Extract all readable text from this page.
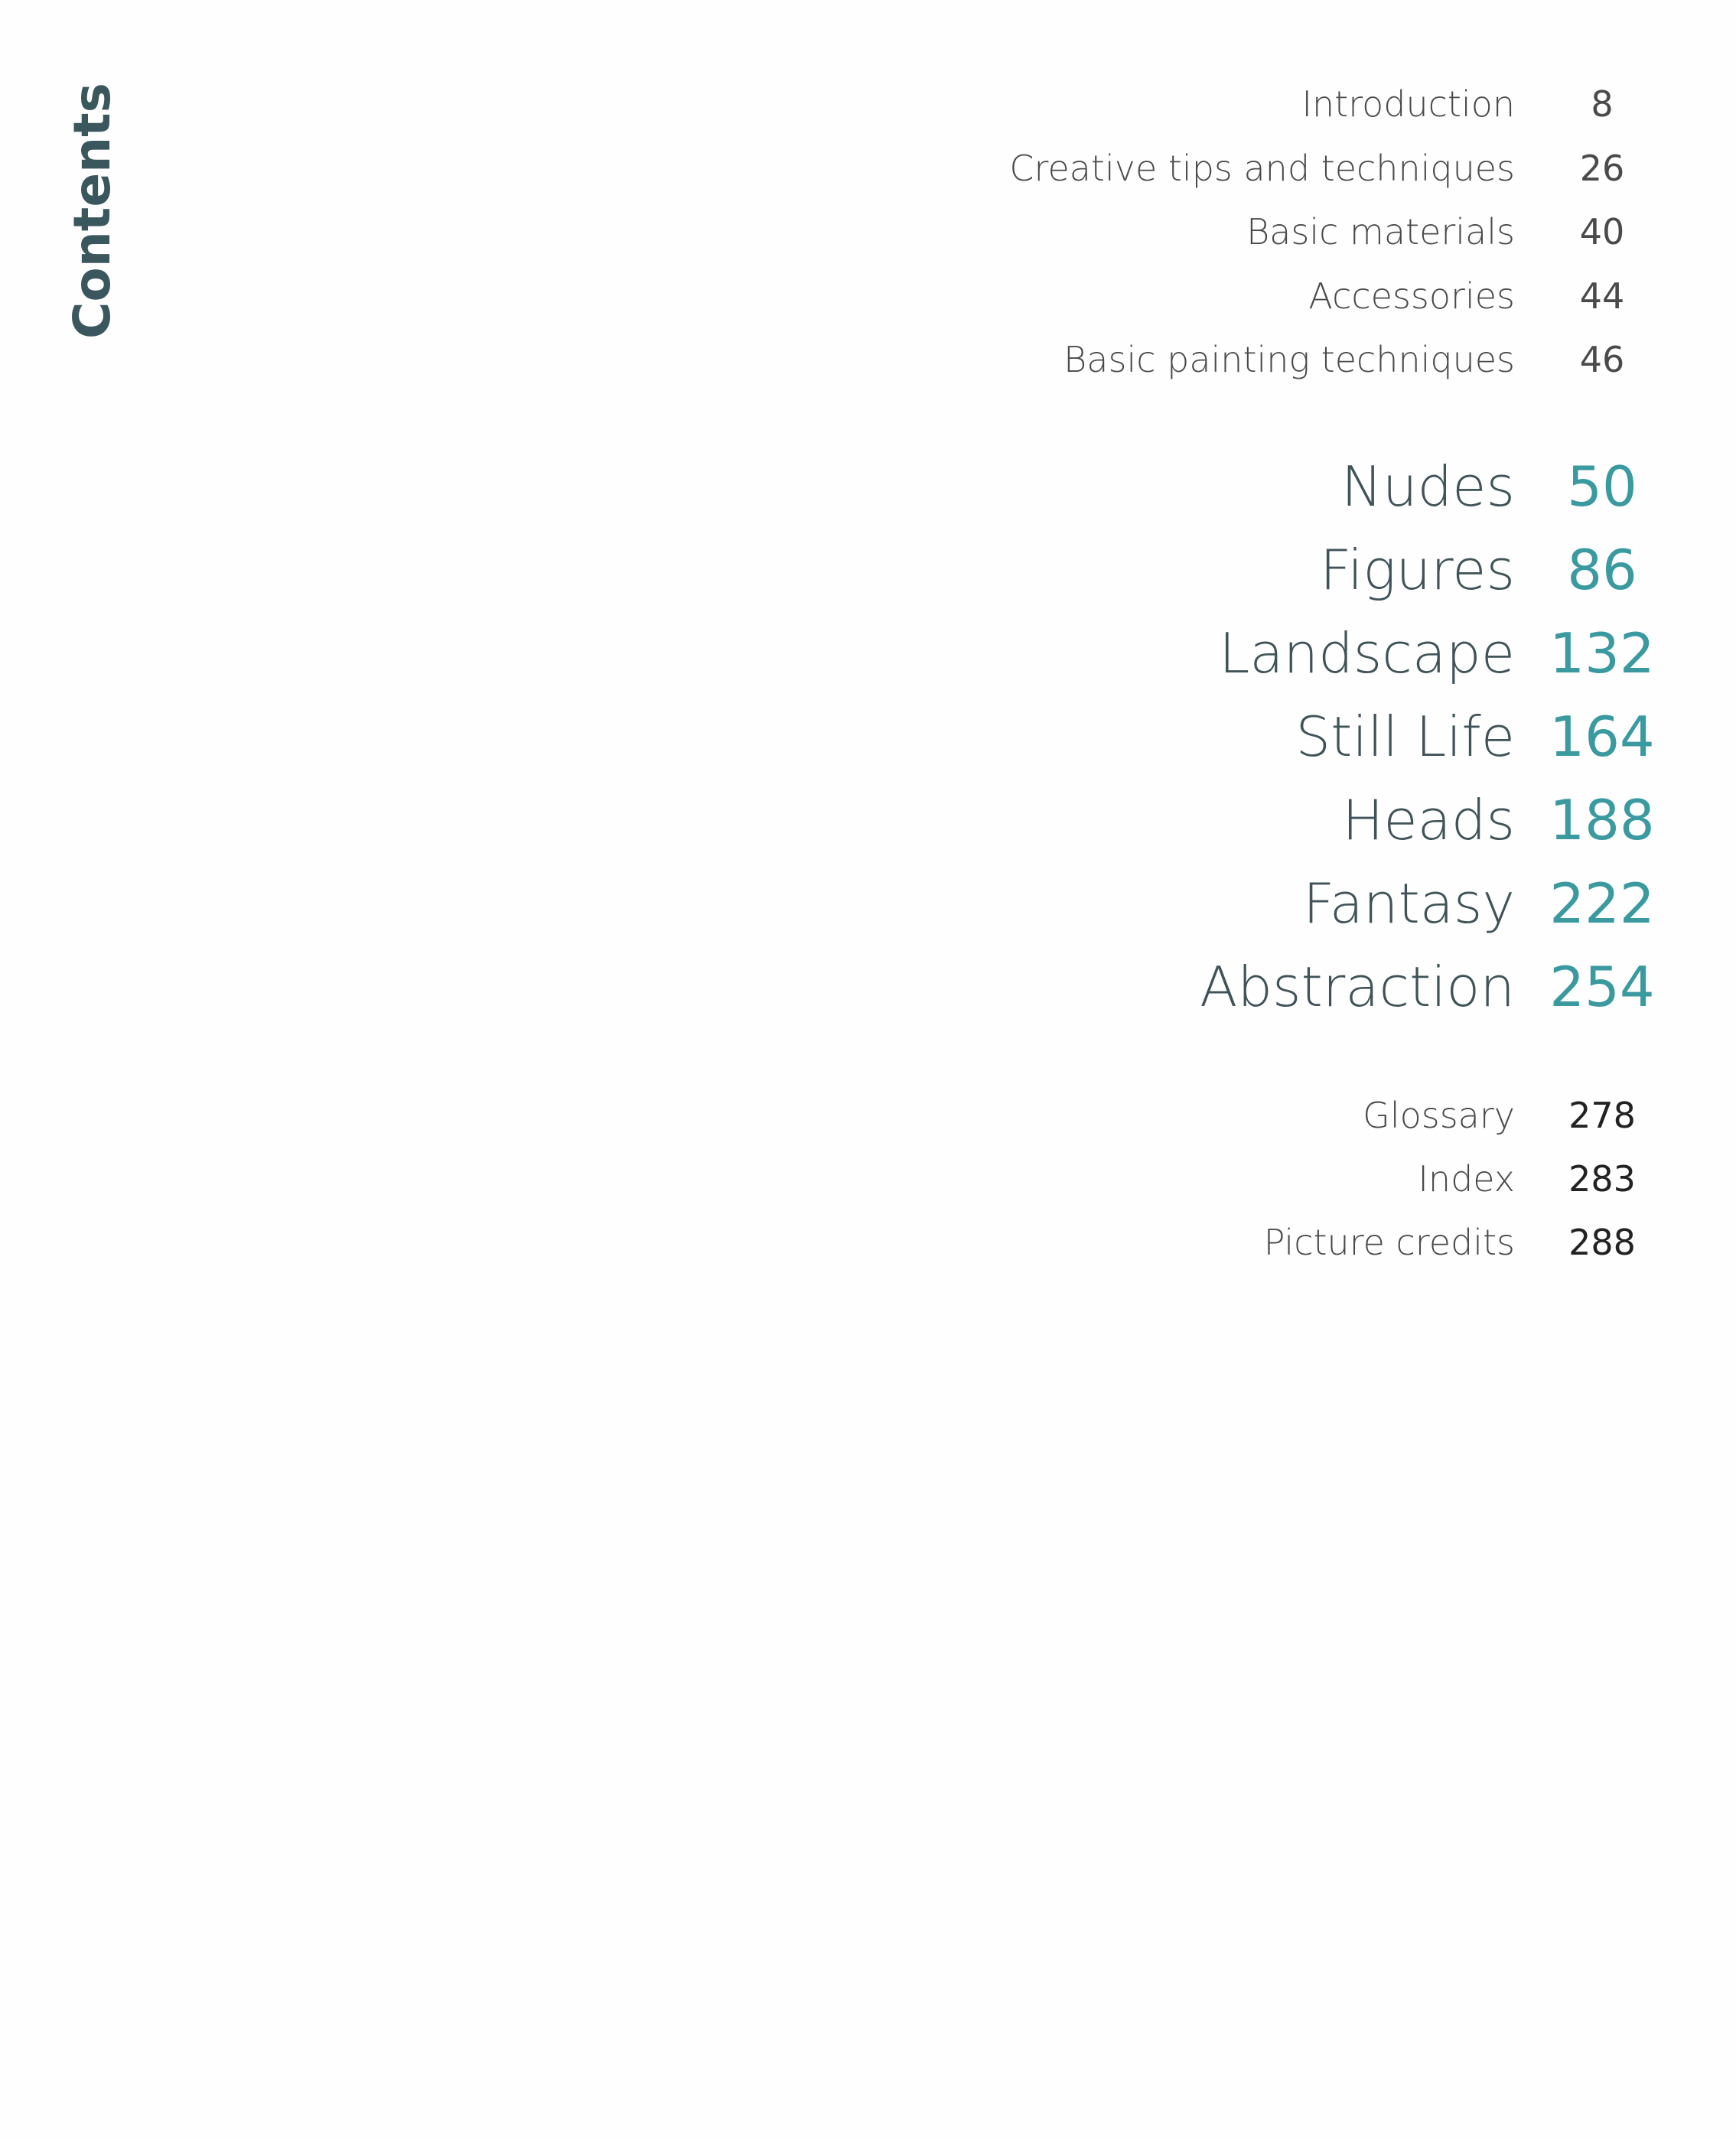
Contents	Introduction	8
Creative tips and techniques	26
Basic materials	40
Accessories	44
Basic painting techniques	46
Nudes 50
Figures 86
Landscape 132
Still Life 164
Heads 188
Fantasy 222
Abstraction 254
Glossary	278
Index	283
Picture credits	288
